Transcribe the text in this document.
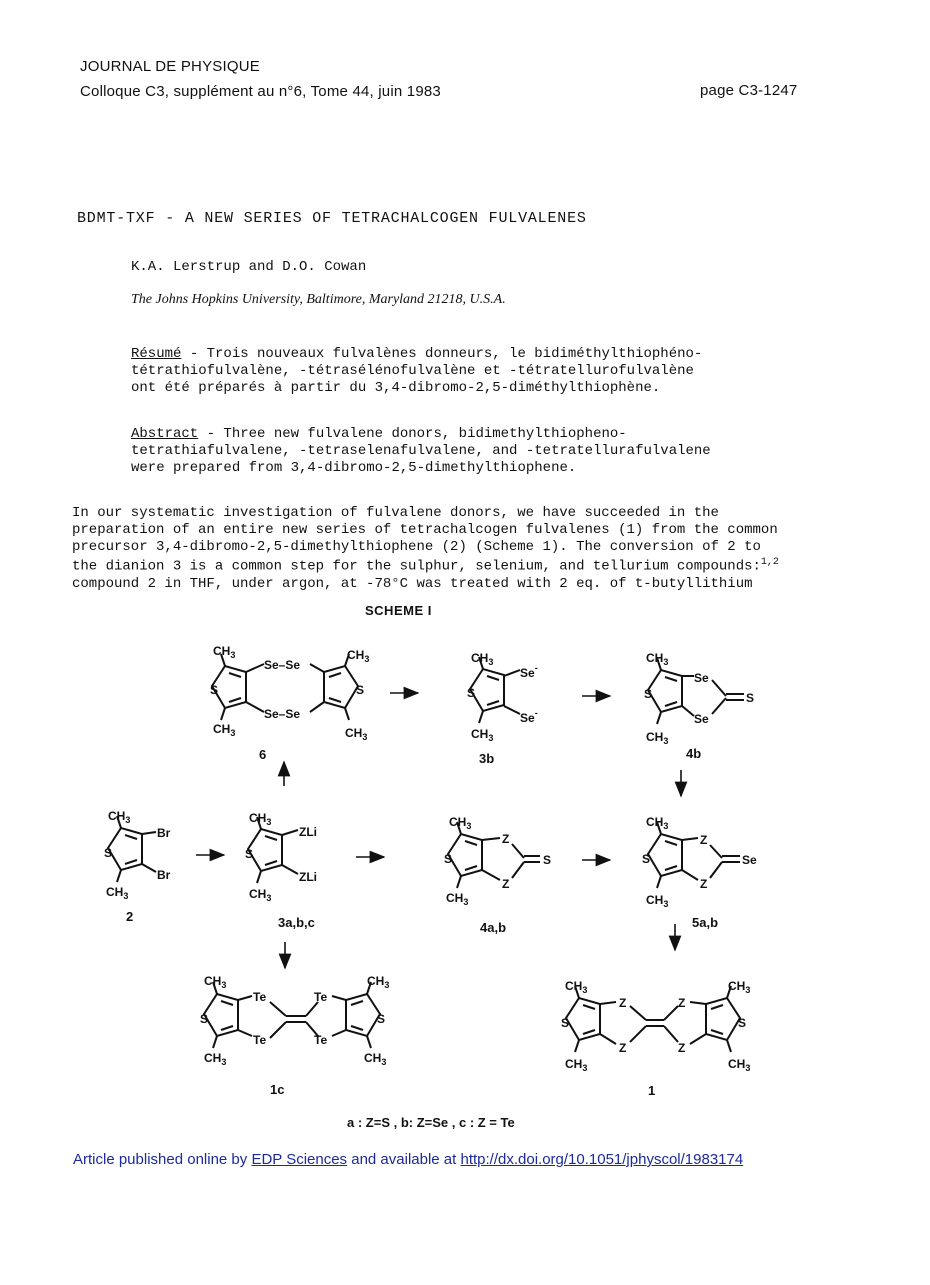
JOURNAL DE PHYSIQUE
Colloque C3, supplément au n°6, Tome 44, juin 1983	page C3-1247
BDMT-TXF - A NEW SERIES OF TETRACHALCOGEN FULVALENES
K.A. Lerstrup and D.O. Cowan
The Johns Hopkins University, Baltimore, Maryland 21218, U.S.A.
Résumé - Trois nouveaux fulvalènes donneurs, le bidiméthylthiophéno-
tétrathiofulvalène, -tétrasélénofulvalène et -tétratellurofulvalène
ont été préparés à partir du 3,4-dibromo-2,5-diméthylthiophène.
Abstract - Three new fulvalene donors, bidimethylthiopheno-
tetrathiafulvalene, -tetraselenafulvalene, and -tetratellurafulvalene
were prepared from 3,4-dibromo-2,5-dimethylthiophene.
In our systematic investigation of fulvalene donors, we have succeeded in the
preparation of an entire new series of tetrachalcogen fulvalenes (1) from the common
precursor 3,4-dibromo-2,5-dimethylthiophene (2) (Scheme 1). The conversion of 2 to
the dianion 3 is a common step for the sulphur, selenium, and tellurium compounds:$^{1,2}$
compound 2 in THF, under argon, at -78°C was treated with 2 eq. of t-butyllithium
SCHEME I
S
$CH_3$
$CH_3$
Se–Se
Se–Se
S
$CH_3$
$CH_3$
6
S
$CH_3$
$CH_3$
Se-
Se-
3b
S
$CH_3$
$CH_3$
Se
Se
S
4b
S
$CH_3$
$CH_3$
Br
Br
2
S
$CH_3$
$CH_3$
ZLi
ZLi
3a,b,c
S
$CH_3$
$CH_3$
Z
Z
S
4a,b
S
$CH_3$
$CH_3$
Z
Z
Se
5a,b
S
$CH_3$
$CH_3$
Te
Te
Te
Te
S
$CH_3$
$CH_3$
1c
S
$CH_3$
$CH_3$
Z
Z
Z
Z
S
$CH_3$
$CH_3$
1
a : Z=S , b: Z=Se , c : Z = Te
Article published online by EDP Sciences and available at http://dx.doi.org/10.1051/jphyscol/1983174
